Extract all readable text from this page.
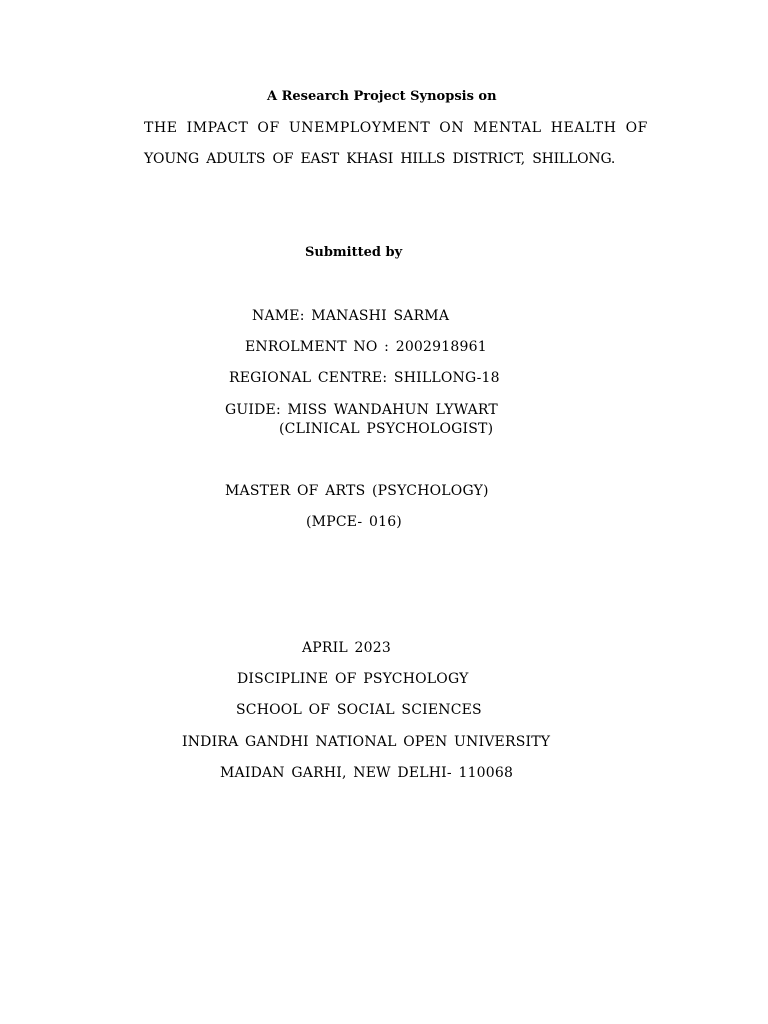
A Research Project Synopsis on
THE IMPACT OF UNEMPLOYMENT ON MENTAL HEALTH OF
YOUNG ADULTS OF EAST KHASI HILLS DISTRICT, SHILLONG.
Submitted by
NAME: MANASHI SARMA
ENROLMENT NO : 2002918961
REGIONAL CENTRE: SHILLONG-18
GUIDE: MISS WANDAHUN LYWART
(CLINICAL PSYCHOLOGIST)
MASTER OF ARTS (PSYCHOLOGY)
(MPCE- 016)
APRIL 2023
DISCIPLINE OF PSYCHOLOGY
SCHOOL OF SOCIAL SCIENCES
INDIRA GANDHI NATIONAL OPEN UNIVERSITY
MAIDAN GARHI, NEW DELHI- 110068
